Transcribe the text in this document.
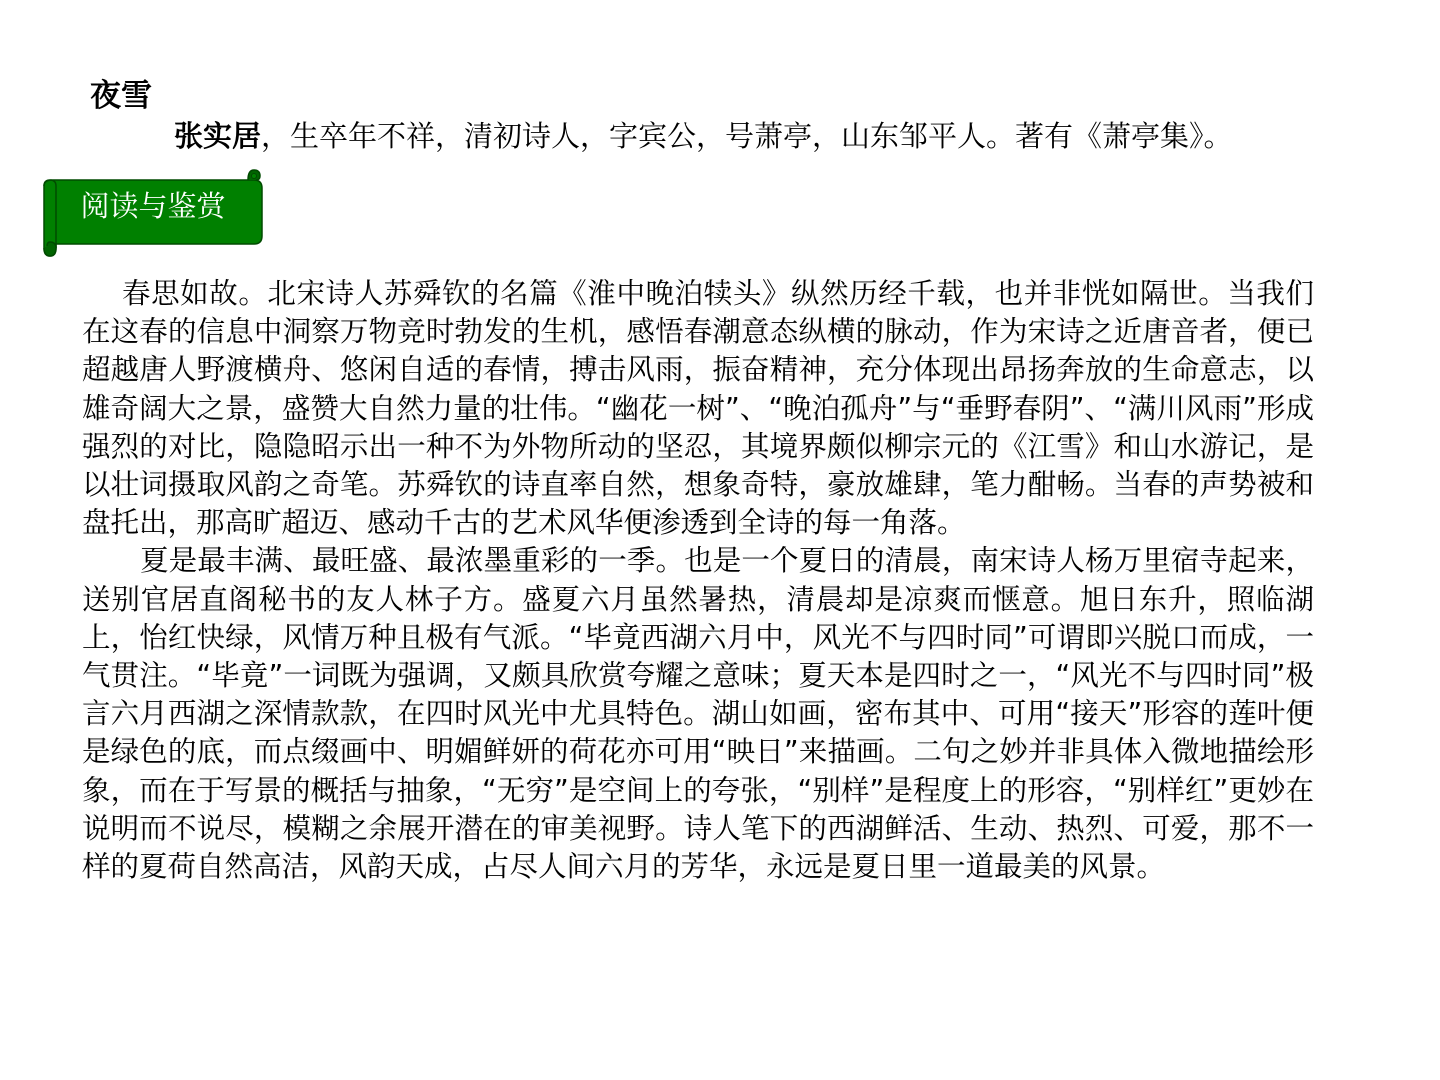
夜雪
张实居，生卒年不祥，清初诗人，字宾公，号萧亭，山东邹平人。著有《萧亭集》。
阅读与鉴赏

春思如故。北宋诗人苏舜钦的名篇《淮中晚泊犊头》纵然历经千载，也并非恍如隔世。当我们在这春的信息中洞察万物竞时勃发的生机，感悟春潮意态纵横的脉动，作为宋诗之近唐音者，便已超越唐人野渡横舟、悠闲自适的春情，搏击风雨，振奋精神，充分体现出昂扬奔放的生命意志，以雄奇阔大之景，盛赞大自然力量的壮伟。“幽花一树”、“晚泊孤舟”与“垂野春阴”、“满川风雨”形成强烈的对比，隐隐昭示出一种不为外物所动的坚忍，其境界颇似柳宗元的《江雪》和山水游记，是以壮词摄取风韵之奇笔。苏舜钦的诗直率自然，想象奇特，豪放雄肆，笔力酣畅。当春的声势被和盘托出，那高旷超迈、感动千古的艺术风华便渗透到全诗的每一角落。

夏是最丰满、最旺盛、最浓墨重彩的一季。也是一个夏日的清晨，南宋诗人杨万里宿寺起来，送别官居直阁秘书的友人林子方。盛夏六月虽然暑热，清晨却是凉爽而惬意。旭日东升，照临湖上，怡红快绿，风情万种且极有气派。“毕竟西湖六月中，风光不与四时同”可谓即兴脱口而成，一气贯注。“毕竟”一词既为强调，又颇具欣赏夸耀之意味；夏天本是四时之一，“风光不与四时同”极言六月西湖之深情款款，在四时风光中尤具特色。湖山如画，密布其中、可用“接天”形容的莲叶便是绿色的底，而点缀画中、明媚鲜妍的荷花亦可用“映日”来描画。二句之妙并非具体入微地描绘形象，而在于写景的概括与抽象，“无穷”是空间上的夸张，“别样”是程度上的形容，“别样红”更妙在说明而不说尽，模糊之余展开潜在的审美视野。诗人笔下的西湖鲜活、生动、热烈、可爱，那不一样的夏荷自然高洁，风韵天成，占尽人间六月的芳华，永远是夏日里一道最美的风景。
